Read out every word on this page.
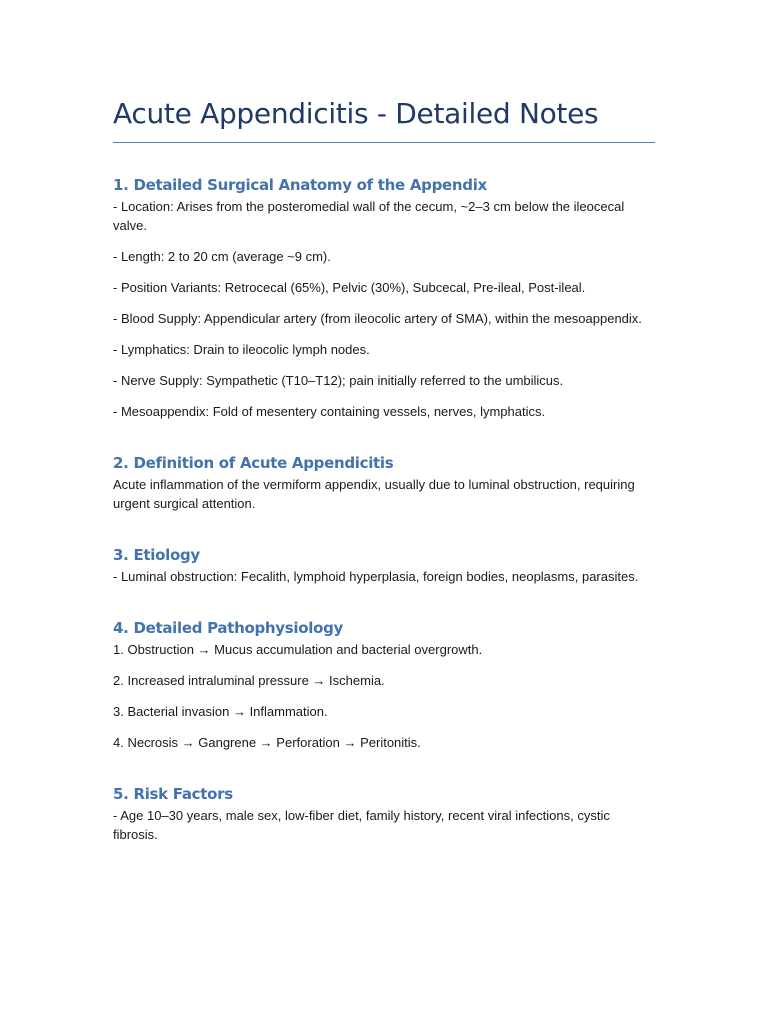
Acute Appendicitis - Detailed Notes
1. Detailed Surgical Anatomy of the Appendix

- Location: Arises from the posteromedial wall of the cecum, ~2–3 cm below the ileocecal valve.

- Length: 2 to 20 cm (average ~9 cm).

- Position Variants: Retrocecal (65%), Pelvic (30%), Subcecal, Pre-ileal, Post-ileal.

- Blood Supply: Appendicular artery (from ileocolic artery of SMA), within the mesoappendix.

- Lymphatics: Drain to ileocolic lymph nodes.

- Nerve Supply: Sympathetic (T10–T12); pain initially referred to the umbilicus.

- Mesoappendix: Fold of mesentery containing vessels, nerves, lymphatics.

2. Definition of Acute Appendicitis

Acute inflammation of the vermiform appendix, usually due to luminal obstruction, requiring urgent surgical attention.

3. Etiology

- Luminal obstruction: Fecalith, lymphoid hyperplasia, foreign bodies, neoplasms, parasites.

4. Detailed Pathophysiology

1. Obstruction → Mucus accumulation and bacterial overgrowth.

2. Increased intraluminal pressure → Ischemia.

3. Bacterial invasion → Inflammation.

4. Necrosis → Gangrene → Perforation → Peritonitis.

5. Risk Factors

- Age 10–30 years, male sex, low-fiber diet, family history, recent viral infections, cystic fibrosis.
